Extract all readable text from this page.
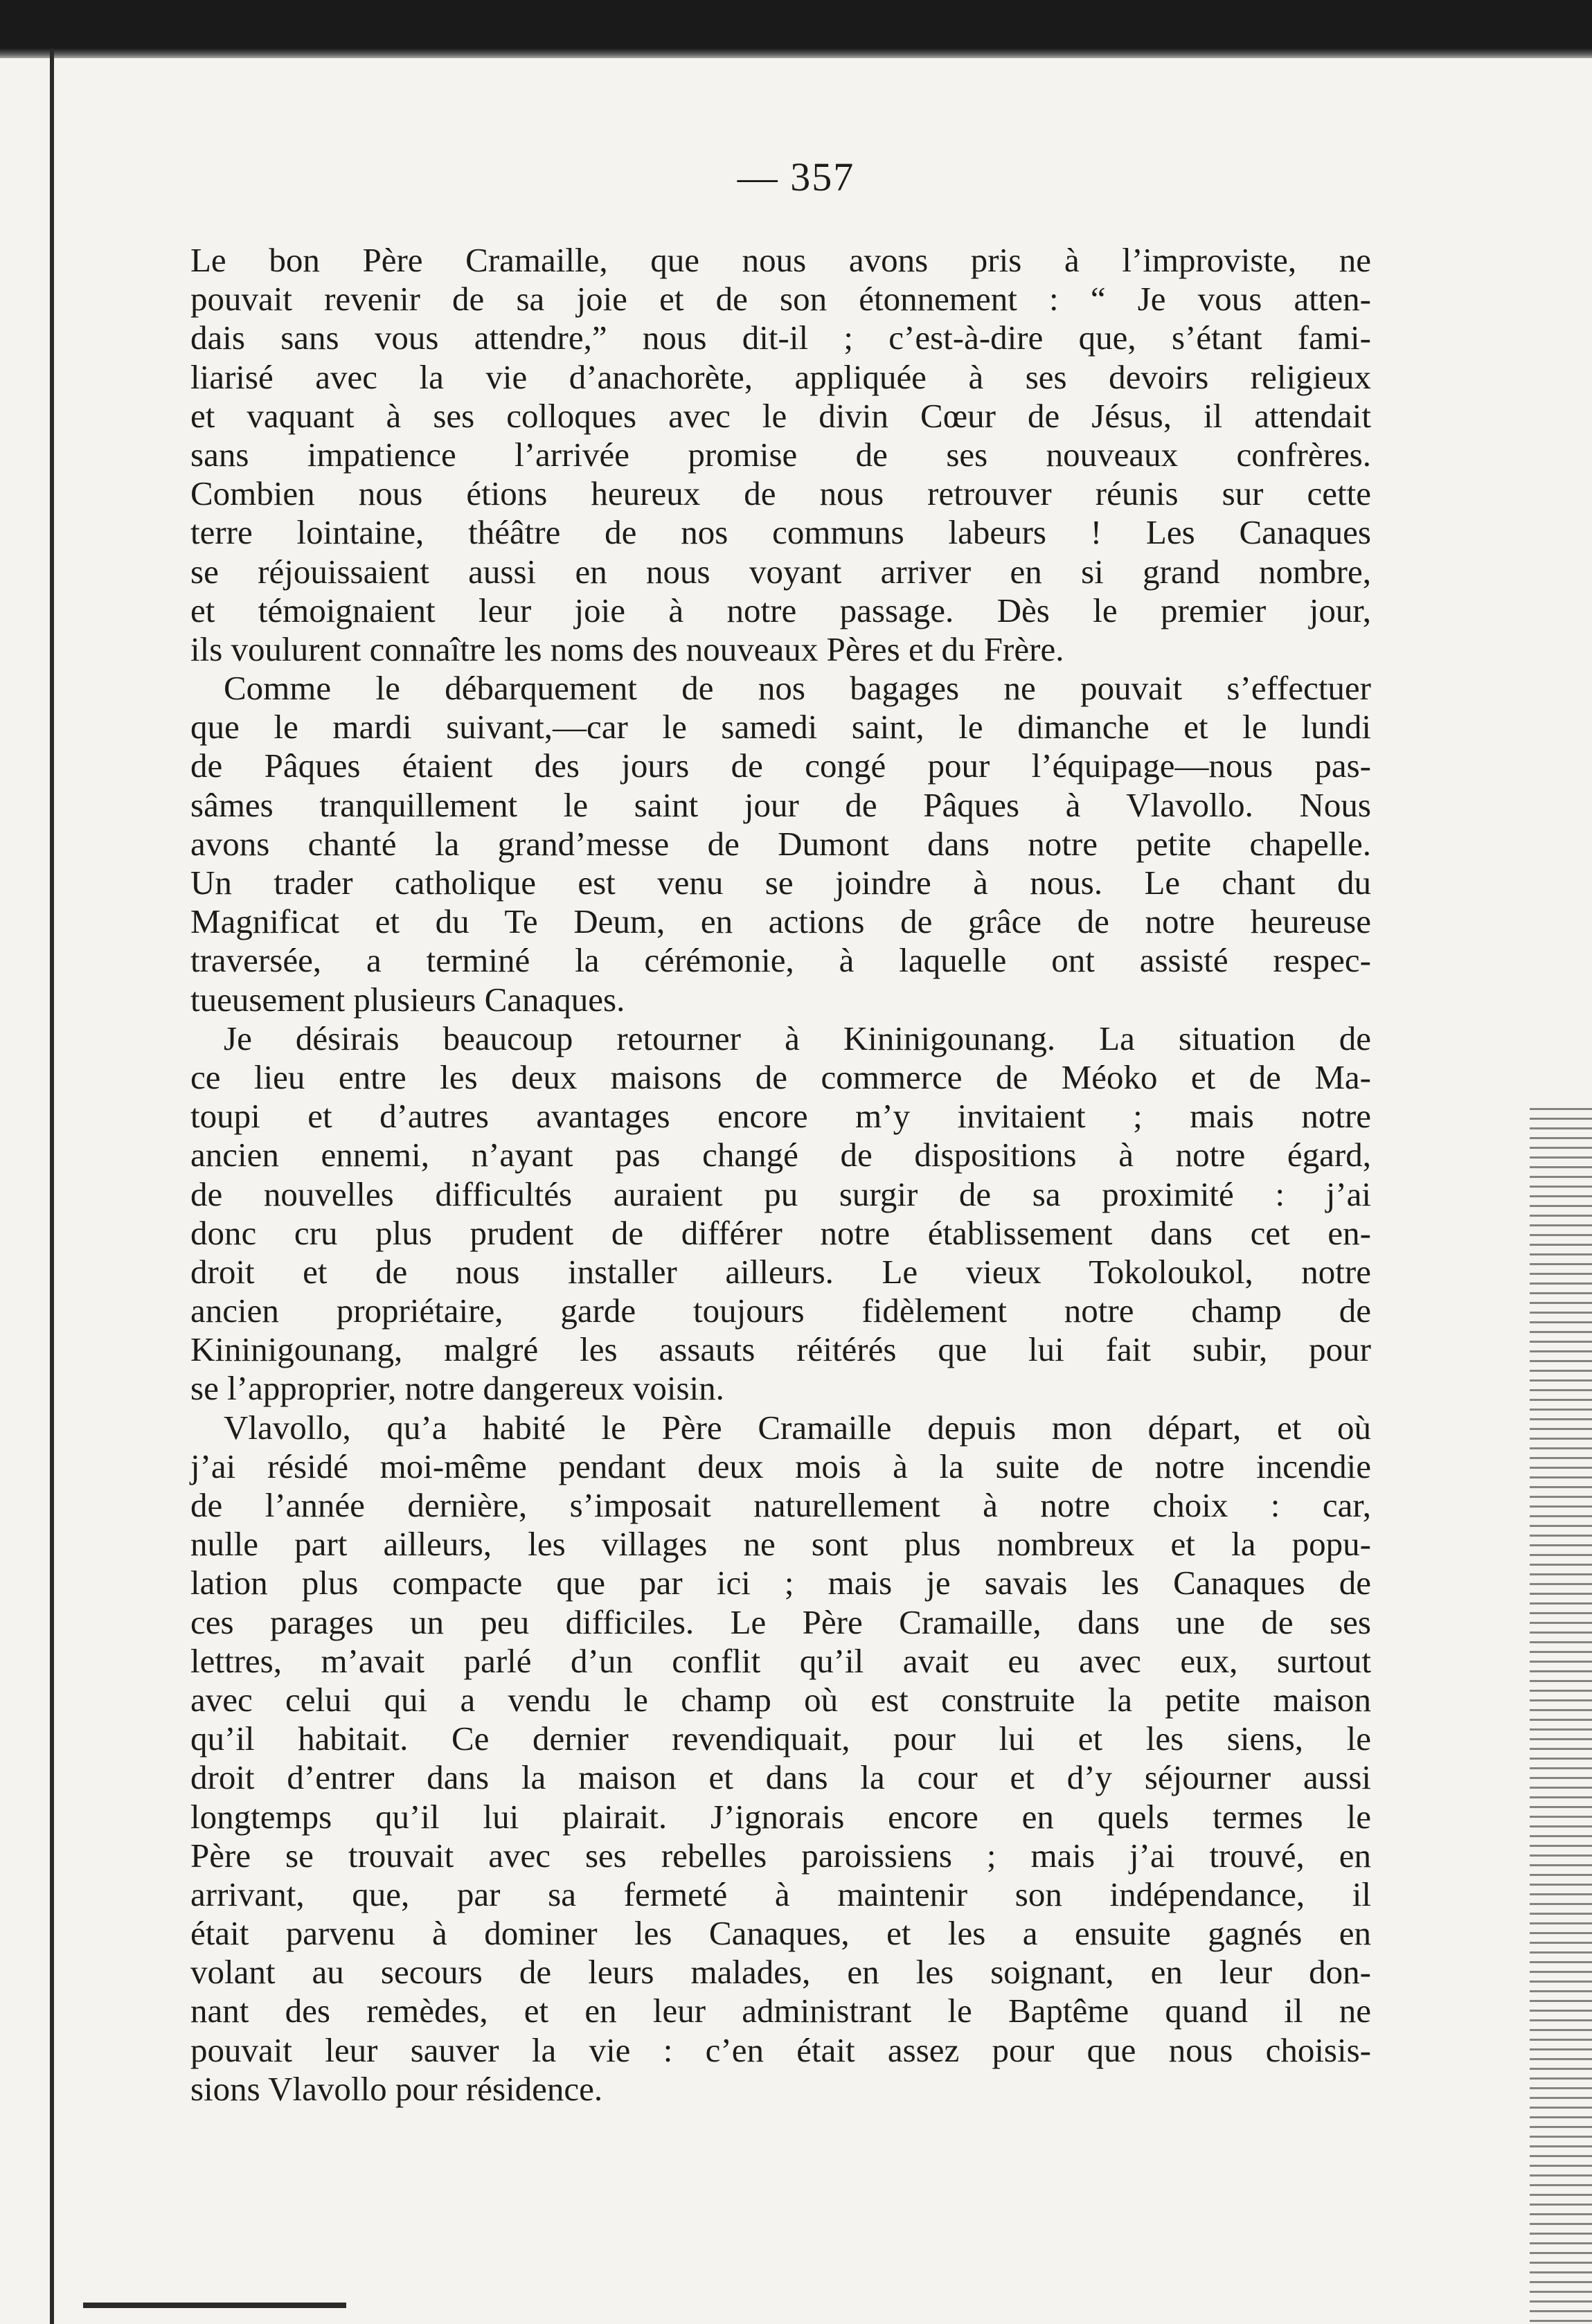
— 357
Le bon Père Cramaille, que nous avons pris à l’improviste, ne
pouvait revenir de sa joie et de son étonnement : “ Je vous atten-
dais sans vous attendre,” nous dit-il ; c’est-à-dire que, s’étant fami-
liarisé avec la vie d’anachorète, appliquée à ses devoirs religieux
et vaquant à ses colloques avec le divin Cœur de Jésus, il attendait
sans impatience l’arrivée promise de ses nouveaux confrères.
Combien nous étions heureux de nous retrouver réunis sur cette
terre lointaine, théâtre de nos communs labeurs ! Les Canaques
se réjouissaient aussi en nous voyant arriver en si grand nombre,
et témoignaient leur joie à notre passage. Dès le premier jour,
ils voulurent connaître les noms des nouveaux Pères et du Frère.
Comme le débarquement de nos bagages ne pouvait s’effectuer
que le mardi suivant,—car le samedi saint, le dimanche et le lundi
de Pâques étaient des jours de congé pour l’équipage—nous pas-
sâmes tranquillement le saint jour de Pâques à Vlavollo. Nous
avons chanté la grand’messe de Dumont dans notre petite chapelle.
Un trader catholique est venu se joindre à nous. Le chant du
Magnificat et du Te Deum, en actions de grâce de notre heureuse
traversée, a terminé la cérémonie, à laquelle ont assisté respec-
tueusement plusieurs Canaques.
Je désirais beaucoup retourner à Kininigounang. La situation de
ce lieu entre les deux maisons de commerce de Méoko et de Ma-
toupi et d’autres avantages encore m’y invitaient ; mais notre
ancien ennemi, n’ayant pas changé de dispositions à notre égard,
de nouvelles difficultés auraient pu surgir de sa proximité : j’ai
donc cru plus prudent de différer notre établissement dans cet en-
droit et de nous installer ailleurs. Le vieux Tokoloukol, notre
ancien propriétaire, garde toujours fidèlement notre champ de
Kininigounang, malgré les assauts réitérés que lui fait subir, pour
se l’approprier, notre dangereux voisin.
Vlavollo, qu’a habité le Père Cramaille depuis mon départ, et où
j’ai résidé moi-même pendant deux mois à la suite de notre incendie
de l’année dernière, s’imposait naturellement à notre choix : car,
nulle part ailleurs, les villages ne sont plus nombreux et la popu-
lation plus compacte que par ici ; mais je savais les Canaques de
ces parages un peu difficiles. Le Père Cramaille, dans une de ses
lettres, m’avait parlé d’un conflit qu’il avait eu avec eux, surtout
avec celui qui a vendu le champ où est construite la petite maison
qu’il habitait. Ce dernier revendiquait, pour lui et les siens, le
droit d’entrer dans la maison et dans la cour et d’y séjourner aussi
longtemps qu’il lui plairait. J’ignorais encore en quels termes le
Père se trouvait avec ses rebelles paroissiens ; mais j’ai trouvé, en
arrivant, que, par sa fermeté à maintenir son indépendance, il
était parvenu à dominer les Canaques, et les a ensuite gagnés en
volant au secours de leurs malades, en les soignant, en leur don-
nant des remèdes, et en leur administrant le Baptême quand il ne
pouvait leur sauver la vie : c’en était assez pour que nous choisis-
sions Vlavollo pour résidence.
